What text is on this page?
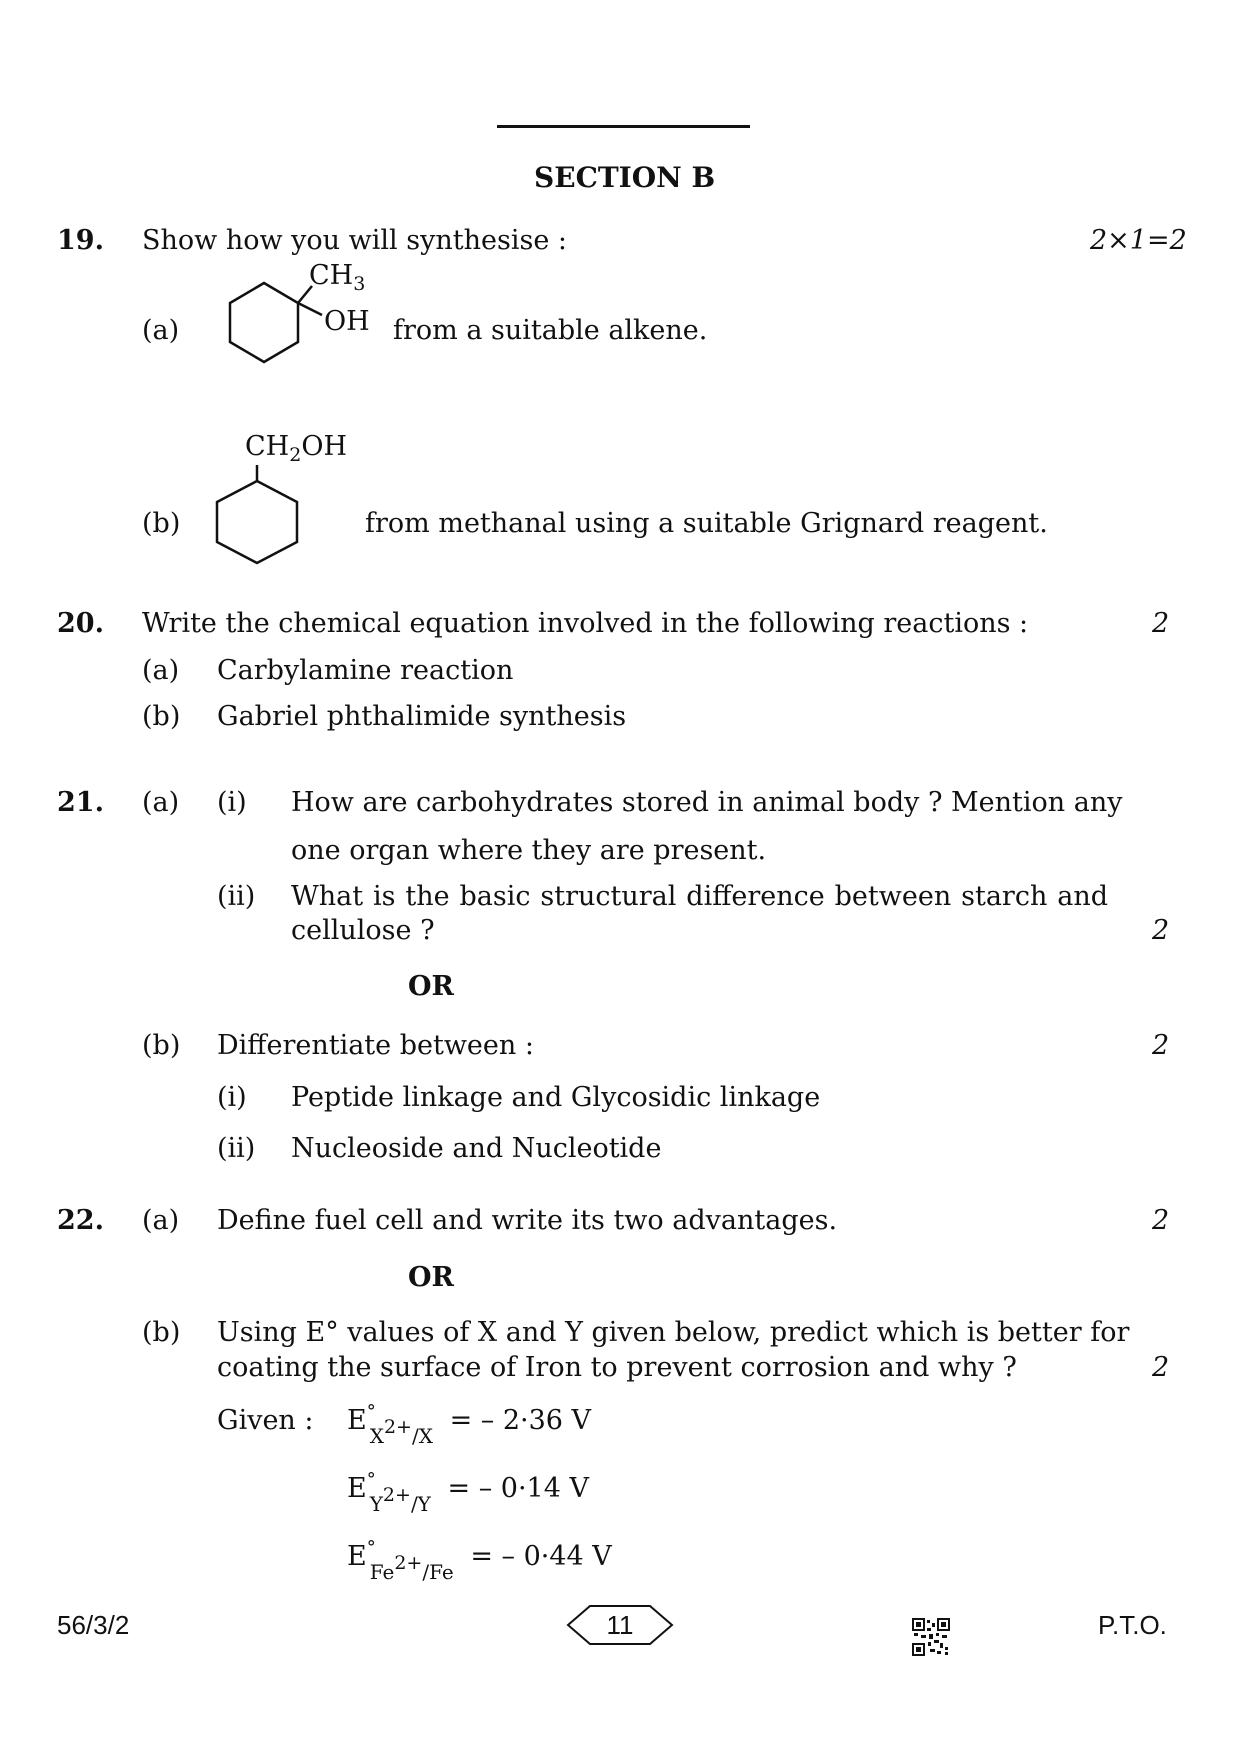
SECTION B
19. Show how you will synthesise :	2×1=2
(a)
$CH_3$
OH from a suitable alkene.
$CH_2OH$
(b)	from methanal using a suitable Grignard reagent.
20. Write the chemical equation involved in the following reactions :	2
(a) Carbylamine reaction
(b) Gabriel phthalimide synthesis
21. (a) (i) How are carbohydrates stored in animal body ? Mention any
one organ where they are present.
(ii) What is the basic structural difference between starch and
cellulose ?	2
OR
(b) Differentiate between :	2
(i) Peptide linkage and Glycosidic linkage
(ii) Nucleoside and Nucleotide
22. (a) Define fuel cell and write its two advantages.	2
OR
(b) Using E° values of X and Y given below, predict which is better for
coating the surface of Iron to prevent corrosion and why ?	2
Given : $E^\circ_X2+_{/X}$ = – 2·36 V
$E^\circ_Y2+_{/Y}$ = – 0·14 V
$E^\circ_{Fe}2+_{/Fe}$ = – 0·44 V
56/3/2	11	P.T.O.
